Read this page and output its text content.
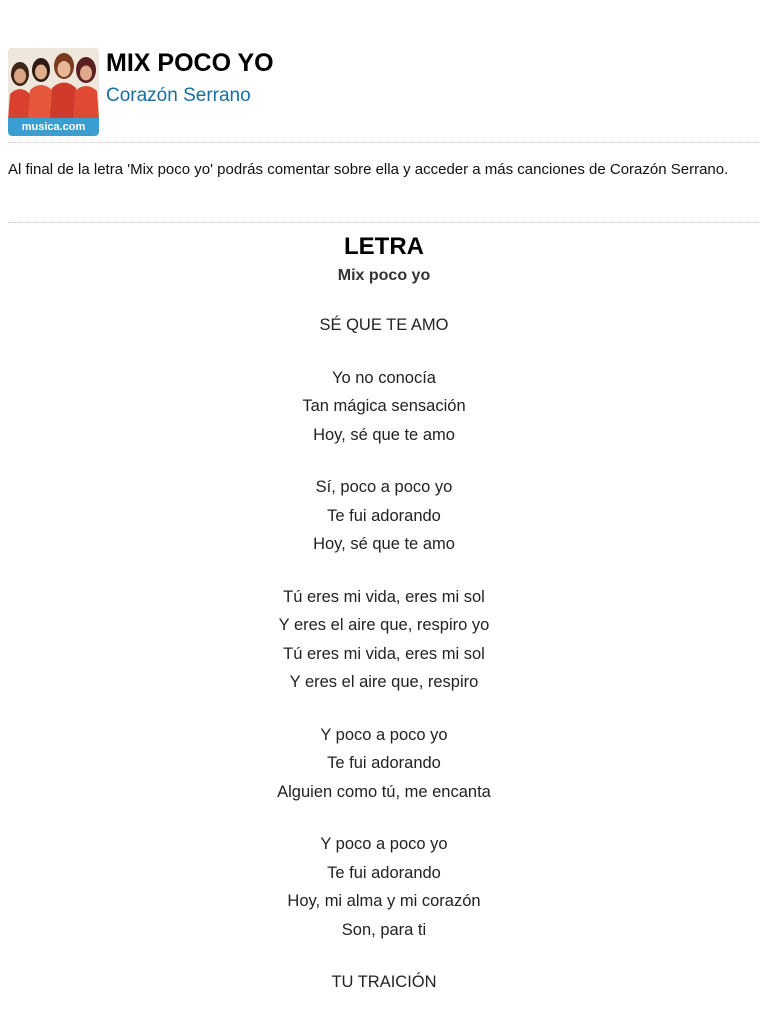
musica.com
MIX POCO YO
Corazón Serrano
Al final de la letra 'Mix poco yo' podrás comentar sobre ella y acceder a más canciones de Corazón Serrano.
LETRA
Mix poco yo
SÉ QUE TE AMO
Yo no conocía
Tan mágica sensación
Hoy, sé que te amo
Sí, poco a poco yo
Te fui adorando
Hoy, sé que te amo
Tú eres mi vida, eres mi sol
Y eres el aire que, respiro yo
Tú eres mi vida, eres mi sol
Y eres el aire que, respiro
Y poco a poco yo
Te fui adorando
Alguien como tú, me encanta
Y poco a poco yo
Te fui adorando
Hoy, mi alma y mi corazón
Son, para ti
TU TRAICIÓN
